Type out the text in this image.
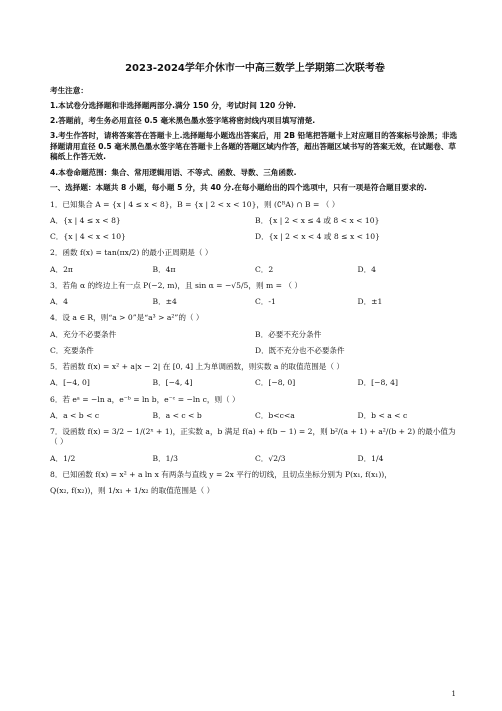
2023-2024学年介休市一中高三数学上学期第二次联考卷
考生注意：
1.本试卷分选择题和非选择题两部分.满分 150 分，考试时间 120 分钟.
2.答题前，考生务必用直径 0.5 毫米黑色墨水签字笔将密封线内项目填写清楚.
3.考生作答时，请将答案答在答题卡上.选择题每小题选出答案后，用 2B 铅笔把答题卡上对应题目的答案标号涂黑；非选择题请用直径 0.5 毫米黑色墨水签字笔在答题卡上各题的答题区域内作答，超出答题区域书写的答案无效，在试题卷、草稿纸上作答无效.
4.本卷命题范围：集合、常用逻辑用语、不等式、函数、导数、三角函数.
一、选择题：本题共 8 小题，每小题 5 分，共 40 分.在每小题给出的四个选项中，只有一项是符合题目要求的.
1．已知集合 A = {x | 4 ≤ x < 8}，B = {x | 2 < x < 10}，则 (∁ᴿA) ∩ B = （ ）
A．{x | 4 ≤ x < 8}	B．{x | 2 < x ≤ 4 或 8 < x < 10}
C．{x | 4 < x < 10}	D．{x | 2 < x < 4 或 8 ≤ x < 10}
2．函数 f(x) = tan(πx/2) 的最小正周期是（ ）
A．2π	B．4π	C．2	D．4
3．若角 α 的终边上有一点 P(−2, m)，且 sin α = −√5/5，则 m = （ ）
A．4	B．±4	C．-1	D．±1
4．设 a ∈ R，则“a > 0”是“a³ > a²”的（ ）
A．充分不必要条件	B．必要不充分条件
C．充要条件	D．既不充分也不必要条件
5．若函数 f(x) = x² + a|x − 2| 在 [0, 4] 上为单调函数，则实数 a 的取值范围是（ ）
A．[−4, 0]	B．[−4, 4]	C．[−8, 0]	D．[−8, 4]
6．若 eᵃ = −ln a，e⁻ᵇ = ln b，e⁻ᶜ = −ln c，则（ ）
A．a < b < c	B．a < c < b	C．b<c<a	D．b < a < c
7．设函数 f(x) = 3/2 − 1/(2ˣ + 1)，正实数 a，b 满足 f(a) + f(b − 1) = 2，则 b²/(a + 1) + a²/(b + 2) 的最小值为（ ）
A．1/2	B．1/3	C．√2/3	D．1/4
8．已知函数 f(x) = x² + a ln x 有两条与直线 y = 2x 平行的切线，且切点坐标分别为 P(x₁, f(x₁))，
Q(x₂, f(x₂))，则 1/x₁ + 1/x₂ 的取值范围是（ ）
1
